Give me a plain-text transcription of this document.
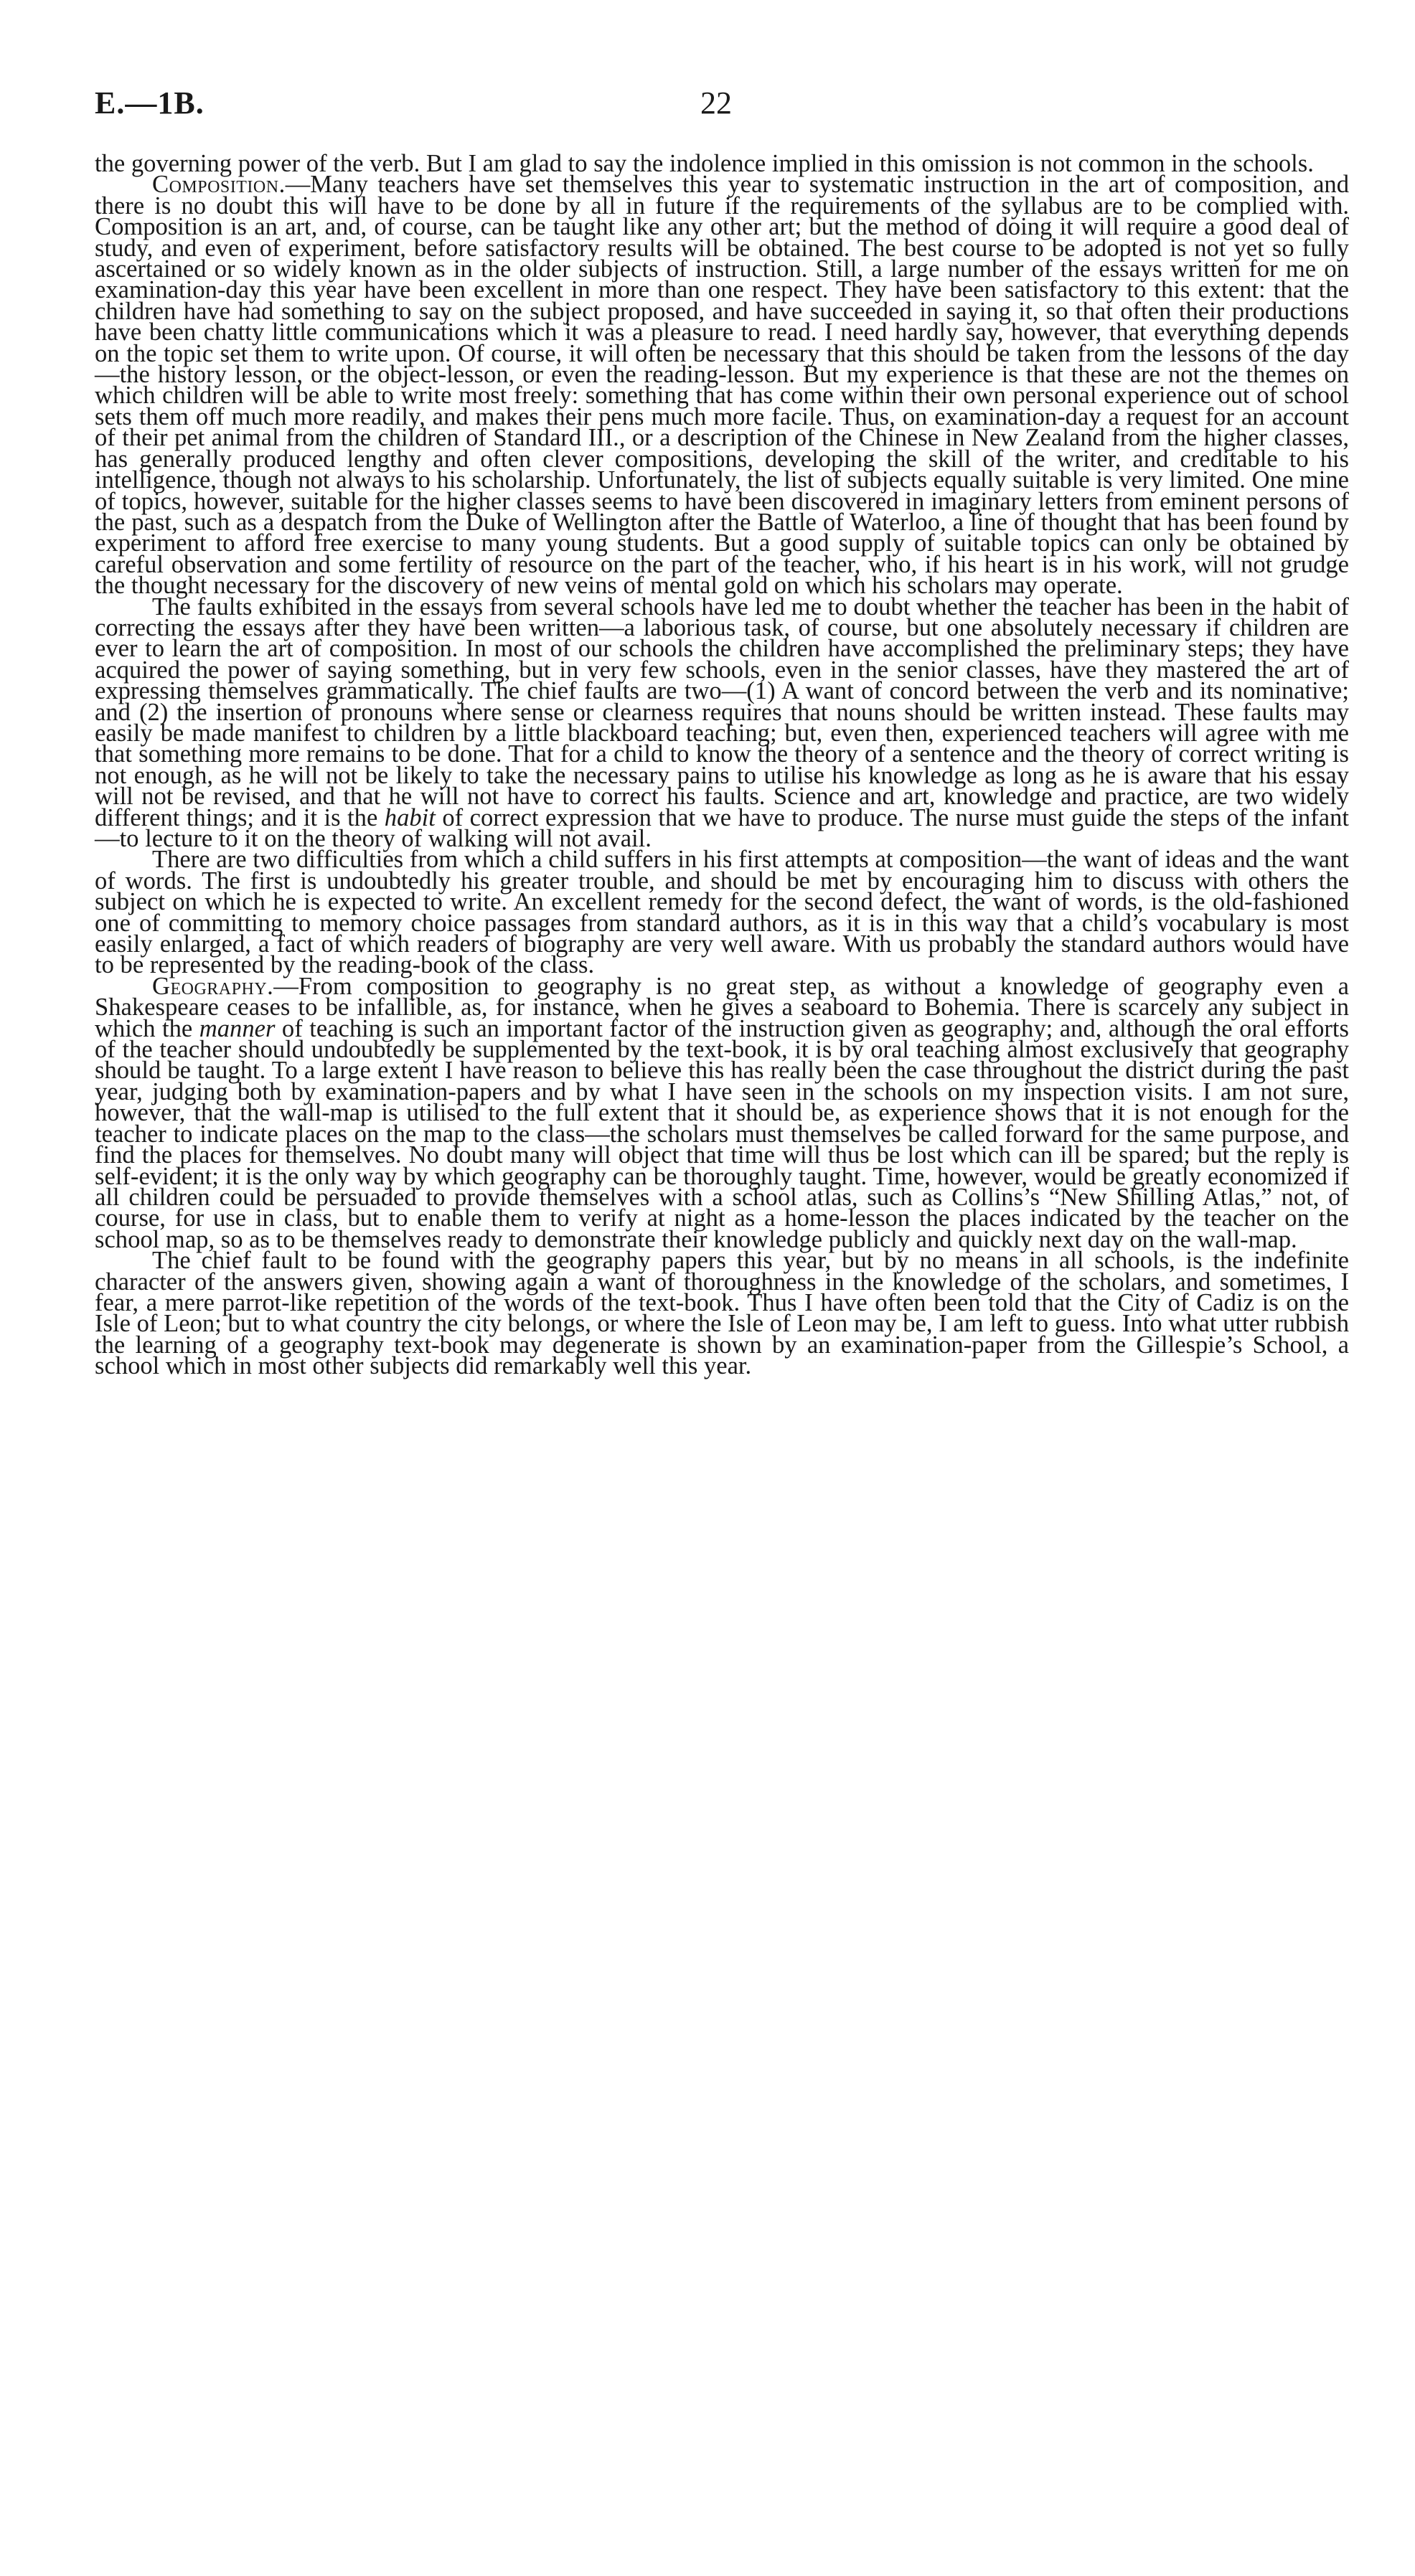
E.—1B.	22

the governing power of the verb. But I am glad to say the indolence implied in this omission is not common in the schools.

Composition.—Many teachers have set themselves this year to systematic instruction in the art of composition, and there is no doubt this will have to be done by all in future if the requirements of the syllabus are to be complied with. Composition is an art, and, of course, can be taught like any other art; but the method of doing it will require a good deal of study, and even of experiment, before satisfactory results will be obtained. The best course to be adopted is not yet so fully ascertained or so widely known as in the older subjects of instruction. Still, a large number of the essays written for me on examination-day this year have been excellent in more than one respect. They have been satisfactory to this extent: that the children have had something to say on the subject proposed, and have succeeded in saying it, so that often their productions have been chatty little communications which it was a pleasure to read. I need hardly say, however, that everything depends on the topic set them to write upon. Of course, it will often be necessary that this should be taken from the lessons of the day—the history lesson, or the object-lesson, or even the reading-lesson. But my experience is that these are not the themes on which children will be able to write most freely: something that has come within their own personal experience out of school sets them off much more readily, and makes their pens much more facile. Thus, on examination-day a request for an account of their pet animal from the children of Standard III., or a description of the Chinese in New Zealand from the higher classes, has generally produced lengthy and often clever compositions, developing the skill of the writer, and creditable to his intelligence, though not always to his scholarship. Unfortunately, the list of subjects equally suitable is very limited. One mine of topics, however, suitable for the higher classes seems to have been discovered in imaginary letters from eminent persons of the past, such as a despatch from the Duke of Wellington after the Battle of Waterloo, a line of thought that has been found by experiment to afford free exercise to many young students. But a good supply of suitable topics can only be obtained by careful observation and some fertility of resource on the part of the teacher, who, if his heart is in his work, will not grudge the thought necessary for the discovery of new veins of mental gold on which his scholars may operate.

The faults exhibited in the essays from several schools have led me to doubt whether the teacher has been in the habit of correcting the essays after they have been written—a laborious task, of course, but one absolutely necessary if children are ever to learn the art of composition. In most of our schools the children have accomplished the preliminary steps; they have acquired the power of saying something, but in very few schools, even in the senior classes, have they mastered the art of expressing themselves grammatically. The chief faults are two—(1) A want of concord between the verb and its nominative; and (2) the insertion of pronouns where sense or clearness requires that nouns should be written instead. These faults may easily be made manifest to children by a little blackboard teaching; but, even then, experienced teachers will agree with me that something more remains to be done. That for a child to know the theory of a sentence and the theory of correct writing is not enough, as he will not be likely to take the necessary pains to utilise his knowledge as long as he is aware that his essay will not be revised, and that he will not have to correct his faults. Science and art, knowledge and practice, are two widely different things; and it is the habit of correct expression that we have to produce. The nurse must guide the steps of the infant—to lecture to it on the theory of walking will not avail.

There are two difficulties from which a child suffers in his first attempts at composition—the want of ideas and the want of words. The first is undoubtedly his greater trouble, and should be met by encouraging him to discuss with others the subject on which he is expected to write. An excellent remedy for the second defect, the want of words, is the old-fashioned one of committing to memory choice passages from standard authors, as it is in this way that a child’s vocabulary is most easily enlarged, a fact of which readers of biography are very well aware. With us probably the standard authors would have to be represented by the reading-book of the class.

Geography.—From composition to geography is no great step, as without a knowledge of geography even a Shakespeare ceases to be infallible, as, for instance, when he gives a seaboard to Bohemia. There is scarcely any subject in which the manner of teaching is such an important factor of the instruction given as geography; and, although the oral efforts of the teacher should undoubtedly be supplemented by the text-book, it is by oral teaching almost exclusively that geography should be taught. To a large extent I have reason to believe this has really been the case throughout the district during the past year, judging both by examination-papers and by what I have seen in the schools on my inspection visits. I am not sure, however, that the wall-map is utilised to the full extent that it should be, as experience shows that it is not enough for the teacher to indicate places on the map to the class—the scholars must themselves be called forward for the same purpose, and find the places for themselves. No doubt many will object that time will thus be lost which can ill be spared; but the reply is self-evident; it is the only way by which geography can be thoroughly taught. Time, however, would be greatly economized if all children could be persuaded to provide themselves with a school atlas, such as Collins’s “New Shilling Atlas,” not, of course, for use in class, but to enable them to verify at night as a home-lesson the places indicated by the teacher on the school map, so as to be themselves ready to demonstrate their knowledge publicly and quickly next day on the wall-map.

The chief fault to be found with the geography papers this year, but by no means in all schools, is the indefinite character of the answers given, showing again a want of thoroughness in the knowledge of the scholars, and sometimes, I fear, a mere parrot-like repetition of the words of the text-book. Thus I have often been told that the City of Cadiz is on the Isle of Leon; but to what country the city belongs, or where the Isle of Leon may be, I am left to guess. Into what utter rubbish the learning of a geography text-book may degenerate is shown by an examination-paper from the Gillespie’s School, a school which in most other subjects did remarkably well this year.
